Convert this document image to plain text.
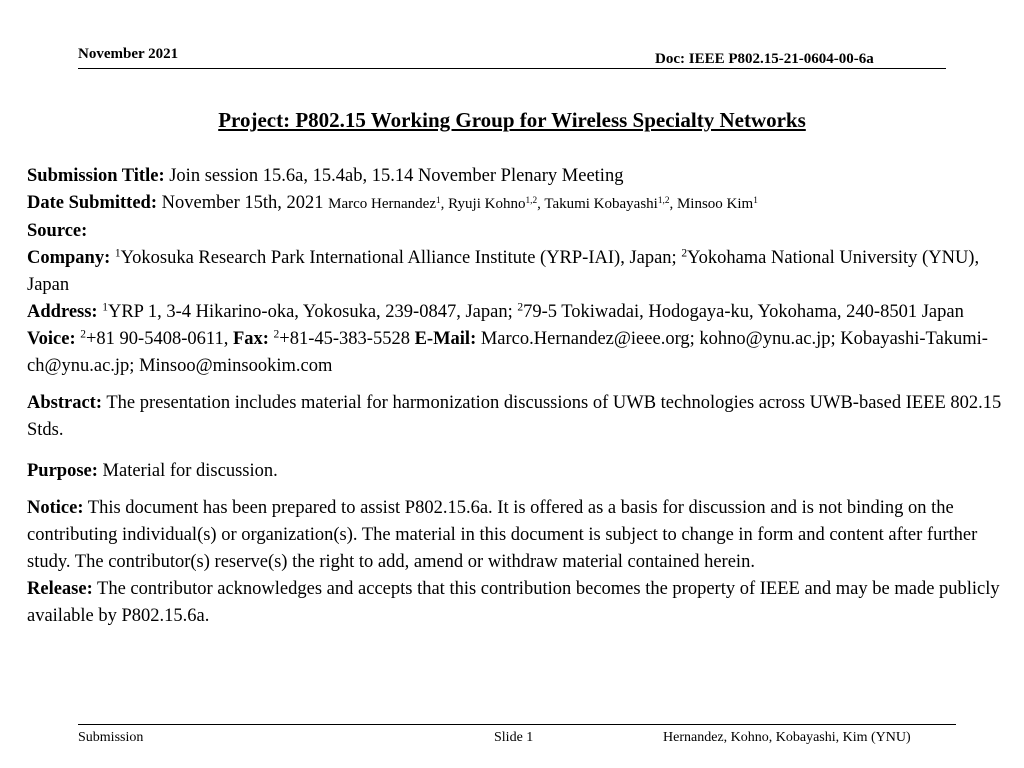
November 2021	Doc: IEEE P802.15-21-0604-00-6a
Project: P802.15 Working Group for Wireless Specialty Networks

Submission Title: Join session 15.6a, 15.4ab, 15.14 November Plenary Meeting

Date Submitted: November 15th, 2021 Marco Hernandez$^1$, Ryuji Kohno$^{1,2}$, Takumi Kobayashi$^{1,2}$, Minsoo Kim$^1$

Source:

Company: $^1$Yokosuka Research Park International Alliance Institute (YRP-IAI), Japan; $^2$Yokohama National University (YNU), Japan

Address: $^1$YRP 1, 3-4 Hikarino-oka, Yokosuka, 239-0847, Japan; $^2$79-5 Tokiwadai, Hodogaya-ku, Yokohama, 240-8501 Japan

Voice: $^2$+81 90-5408-0611, Fax: $^2$+81-45-383-5528 E-Mail: Marco.Hernandez@ieee.org; kohno@ynu.ac.jp; Kobayashi-Takumi-ch@ynu.ac.jp; Minsoo@minsookim.com

Abstract: The presentation includes material for harmonization discussions of UWB technologies across UWB-based IEEE 802.15 Stds.

Purpose: Material for discussion.

Notice: This document has been prepared to assist P802.15.6a. It is offered as a basis for discussion and is not binding on the contributing individual(s) or organization(s). The material in this document is subject to change in form and content after further study. The contributor(s) reserve(s) the right to add, amend or withdraw material contained herein.

Release: The contributor acknowledges and accepts that this contribution becomes the property of IEEE and may be made publicly available by P802.15.6a.

Submission	Slide 1	Hernandez, Kohno, Kobayashi, Kim (YNU)
